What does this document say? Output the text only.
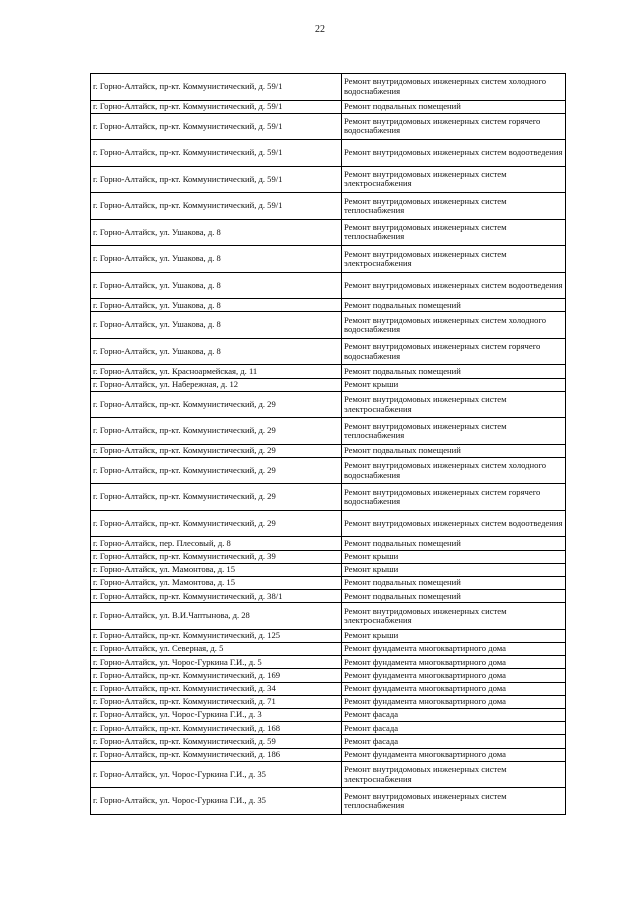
22
г. Горно-Алтайск, пр-кт. Коммунистический, д. 59/1	Ремонт внутридомовых инженерных систем холодного водоснабжения
г. Горно-Алтайск, пр-кт. Коммунистический, д. 59/1	Ремонт подвальных помещений
г. Горно-Алтайск, пр-кт. Коммунистический, д. 59/1	Ремонт внутридомовых инженерных систем горячего водоснабжения
г. Горно-Алтайск, пр-кт. Коммунистический, д. 59/1	Ремонт внутридомовых инженерных систем водоотведения
г. Горно-Алтайск, пр-кт. Коммунистический, д. 59/1	Ремонт внутридомовых инженерных систем электроснабжения
г. Горно-Алтайск, пр-кт. Коммунистический, д. 59/1	Ремонт внутридомовых инженерных систем теплоснабжения
г. Горно-Алтайск, ул. Ушакова, д. 8	Ремонт внутридомовых инженерных систем теплоснабжения
г. Горно-Алтайск, ул. Ушакова, д. 8	Ремонт внутридомовых инженерных систем электроснабжения
г. Горно-Алтайск, ул. Ушакова, д. 8	Ремонт внутридомовых инженерных систем водоотведения
г. Горно-Алтайск, ул. Ушакова, д. 8	Ремонт подвальных помещений
г. Горно-Алтайск, ул. Ушакова, д. 8	Ремонт внутридомовых инженерных систем холодного водоснабжения
г. Горно-Алтайск, ул. Ушакова, д. 8	Ремонт внутридомовых инженерных систем горячего водоснабжения
г. Горно-Алтайск, ул. Красноармейская, д. 11	Ремонт подвальных помещений
г. Горно-Алтайск, ул. Набережная, д. 12	Ремонт крыши
г. Горно-Алтайск, пр-кт. Коммунистический, д. 29	Ремонт внутридомовых инженерных систем электроснабжения
г. Горно-Алтайск, пр-кт. Коммунистический, д. 29	Ремонт внутридомовых инженерных систем теплоснабжения
г. Горно-Алтайск, пр-кт. Коммунистический, д. 29	Ремонт подвальных помещений
г. Горно-Алтайск, пр-кт. Коммунистический, д. 29	Ремонт внутридомовых инженерных систем холодного водоснабжения
г. Горно-Алтайск, пр-кт. Коммунистический, д. 29	Ремонт внутридомовых инженерных систем горячего водоснабжения
г. Горно-Алтайск, пр-кт. Коммунистический, д. 29	Ремонт внутридомовых инженерных систем водоотведения
г. Горно-Алтайск, пер. Плесовый, д. 8	Ремонт подвальных помещений
г. Горно-Алтайск, пр-кт. Коммунистический, д. 39	Ремонт крыши
г. Горно-Алтайск, ул. Мамонтова, д. 15	Ремонт крыши
г. Горно-Алтайск, ул. Мамонтова, д. 15	Ремонт подвальных помещений
г. Горно-Алтайск, пр-кт. Коммунистический, д. 38/1	Ремонт подвальных помещений
г. Горно-Алтайск, ул. В.И.Чаптынова, д. 28	Ремонт внутридомовых инженерных систем электроснабжения
г. Горно-Алтайск, пр-кт. Коммунистический, д. 125	Ремонт крыши
г. Горно-Алтайск, ул. Северная, д. 5	Ремонт фундамента многоквартирного дома
г. Горно-Алтайск, ул. Чорос-Гуркина Г.И., д. 5	Ремонт фундамента многоквартирного дома
г. Горно-Алтайск, пр-кт. Коммунистический, д. 169	Ремонт фундамента многоквартирного дома
г. Горно-Алтайск, пр-кт. Коммунистический, д. 34	Ремонт фундамента многоквартирного дома
г. Горно-Алтайск, пр-кт. Коммунистический, д. 71	Ремонт фундамента многоквартирного дома
г. Горно-Алтайск, ул. Чорос-Гуркина Г.И., д. 3	Ремонт фасада
г. Горно-Алтайск, пр-кт. Коммунистический, д. 168	Ремонт фасада
г. Горно-Алтайск, пр-кт. Коммунистический, д. 59	Ремонт фасада
г. Горно-Алтайск, пр-кт. Коммунистический, д. 186	Ремонт фундамента многоквартирного дома
г. Горно-Алтайск, ул. Чорос-Гуркина Г.И., д. 35	Ремонт внутридомовых инженерных систем электроснабжения
г. Горно-Алтайск, ул. Чорос-Гуркина Г.И., д. 35	Ремонт внутридомовых инженерных систем теплоснабжения
